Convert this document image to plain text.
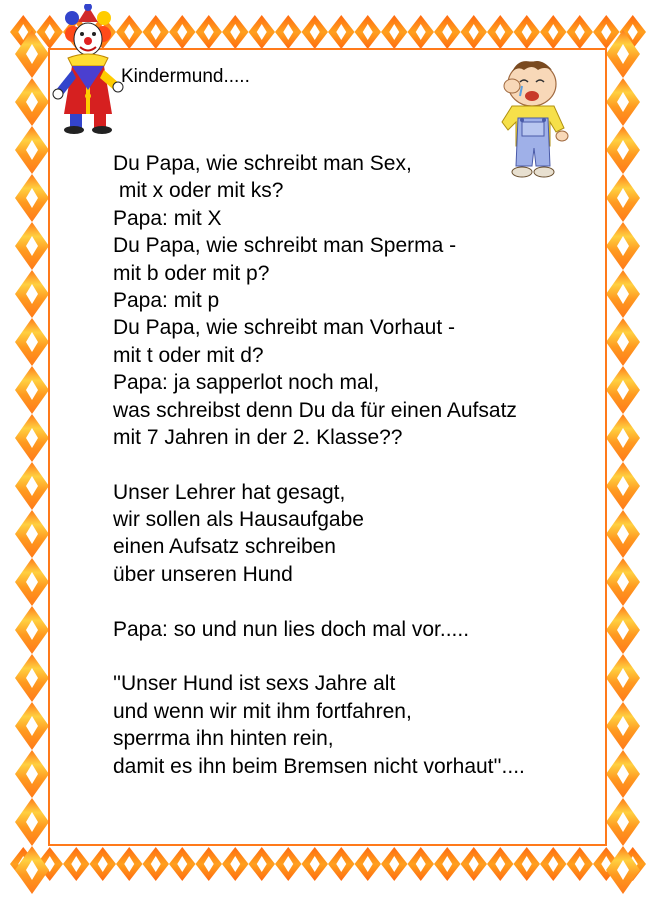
Kindermund.....
Du Papa, wie schreibt man Sex,
mit x oder mit ks?
Papa: mit X
Du Papa, wie schreibt man Sperma -
mit b oder mit p?
Papa: mit p
Du Papa, wie schreibt man Vorhaut -
mit t oder mit d?
Papa: ja sapperlot noch mal,
was schreibst denn Du da für einen Aufsatz
mit 7 Jahren in der 2. Klasse??
Unser Lehrer hat gesagt,
wir sollen als Hausaufgabe
einen Aufsatz schreiben
über unseren Hund
Papa: so und nun lies doch mal vor.....
''Unser Hund ist sexs Jahre alt
und wenn wir mit ihm fortfahren,
sperrma ihn hinten rein,
damit es ihn beim Bremsen nicht vorhaut''....
